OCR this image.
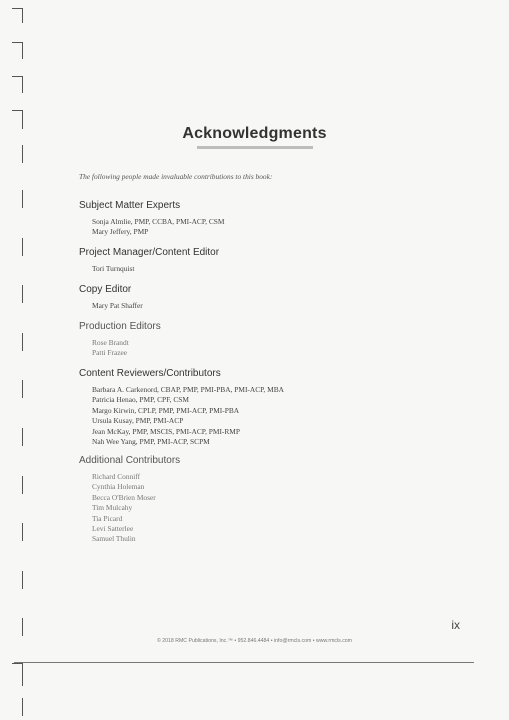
Acknowledgments
The following people made invaluable contributions to this book:
Subject Matter Experts
Sonja Almlie, PMP, CCBA, PMI-ACP, CSM
Mary Jeffery, PMP
Project Manager/Content Editor
Tori Turnquist
Copy Editor
Mary Pat Shaffer
Production Editors
Rose Brandt
Patti Frazee
Content Reviewers/Contributors
Barbara A. Carkenord, CBAP, PMP, PMI-PBA, PMI-ACP, MBA
Patricia Henao, PMP, CPF, CSM
Margo Kirwin, CPLP, PMP, PMI-ACP, PMI-PBA
Ursula Kusay, PMP, PMI-ACP
Jean McKay, PMP, MSCIS, PMI-ACP, PMI-RMP
Nah Wee Yang, PMP, PMI-ACP, SCPM
Additional Contributors
Richard Conniff
Cynthia Holeman
Becca O'Brien Moser
Tim Mulcahy
Tia Picard
Levi Satterlee
Samuel Thulin
ix
© 2018 RMC Publications, Inc.™ • 952.846.4484 • info@rmcls.com • www.rmcls.com
